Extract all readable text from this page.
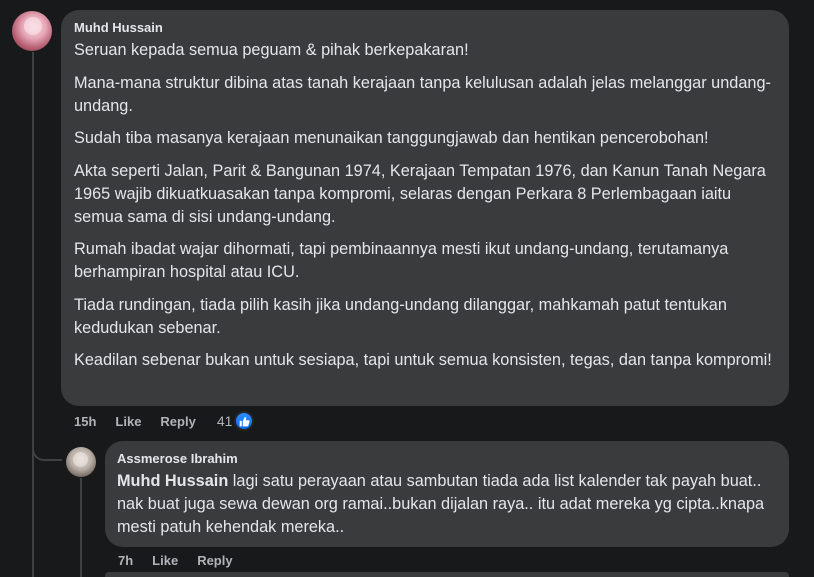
Muhd Hussain

Seruan kepada semua peguam & pihak berkepakaran!

Mana-mana struktur dibina atas tanah kerajaan tanpa kelulusan adalah jelas melanggar undang-undang.

Sudah tiba masanya kerajaan menunaikan tanggungjawab dan hentikan pencerobohan!

Akta seperti Jalan, Parit & Bangunan 1974, Kerajaan Tempatan 1976, dan Kanun Tanah Negara 1965 wajib dikuatkuasakan tanpa kompromi, selaras dengan Perkara 8 Perlembagaan iaitu semua sama di sisi undang-undang.

Rumah ibadat wajar dihormati, tapi pembinaannya mesti ikut undang-undang, terutamanya berhampiran hospital atau ICU.

Tiada rundingan, tiada pilih kasih jika undang-undang dilanggar, mahkamah patut tentukan kedudukan sebenar.

Keadilan sebenar bukan untuk sesiapa, tapi untuk semua konsisten, tegas, dan tanpa kompromi!

15h Like Reply 41
Assmerose Ibrahim

Muhd Hussain lagi satu perayaan atau sambutan tiada ada list kalender tak payah buat.. nak buat juga sewa dewan org ramai..bukan dijalan raya.. itu adat mereka yg cipta..knapa mesti patuh kehendak mereka..

7h Like Reply
